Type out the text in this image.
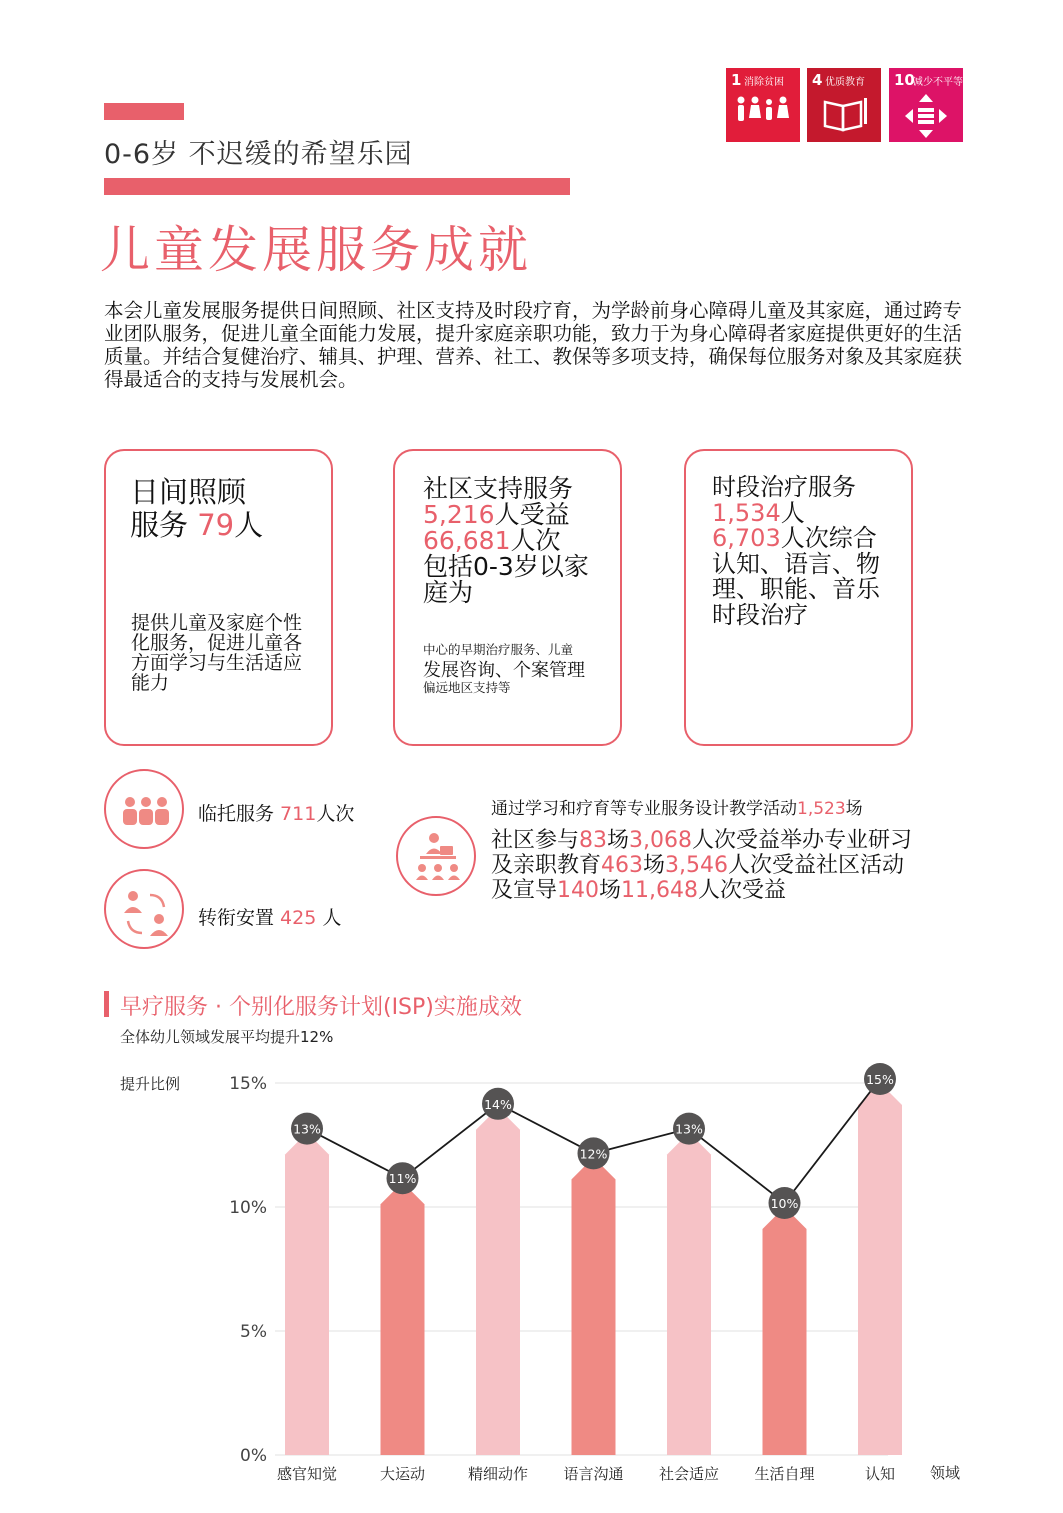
1 消除贫困 4 优质教育 10
减少不平等
0-6岁 不迟缓的希望乐园
儿童发展服务成就
本会儿童发展服务提供日间照顾、社区支持及时段疗育，为学龄前身心障碍儿童及其家庭，通过跨专业团队服务，促进儿童全面能力发展，提升家庭亲职功能，致力于为身心障碍者家庭提供更好的生活质量。并结合复健治疗、辅具、护理、营养、社工、教保等多项支持，确保每位服务对象及其家庭获得最适合的支持与发展机会。
日间照顾
服务 79人
提供儿童及家庭个性化服务，促进儿童各方面学习与生活适应能力
社区支持服务
5,216人受益
66,681人次
包括0-3岁以家庭为
中心的早期治疗服务、儿童
发展咨询、个案管理
偏远地区支持等
时段治疗服务
1,534人
6,703人次综合认知、语言、物理、职能、音乐时段治疗
临托服务 711人次
转衔安置 425 人
通过学习和疗育等专业服务设计教学活动1,523场
社区参与83场3,068人次受益举办专业研习及亲职教育463场3,546人次受益社区活动及宣导140场11,648人次受益
早疗服务 · 个别化服务计划(ISP)实施成效
全体幼儿领域发展平均提升12%
提升比例
领域
0%
5%
10%
15%
感官知觉	大运动	精细动作 语言沟通 社会适应 生活自理	认知
13%
11%
14%
12%
13%
10%
15%
